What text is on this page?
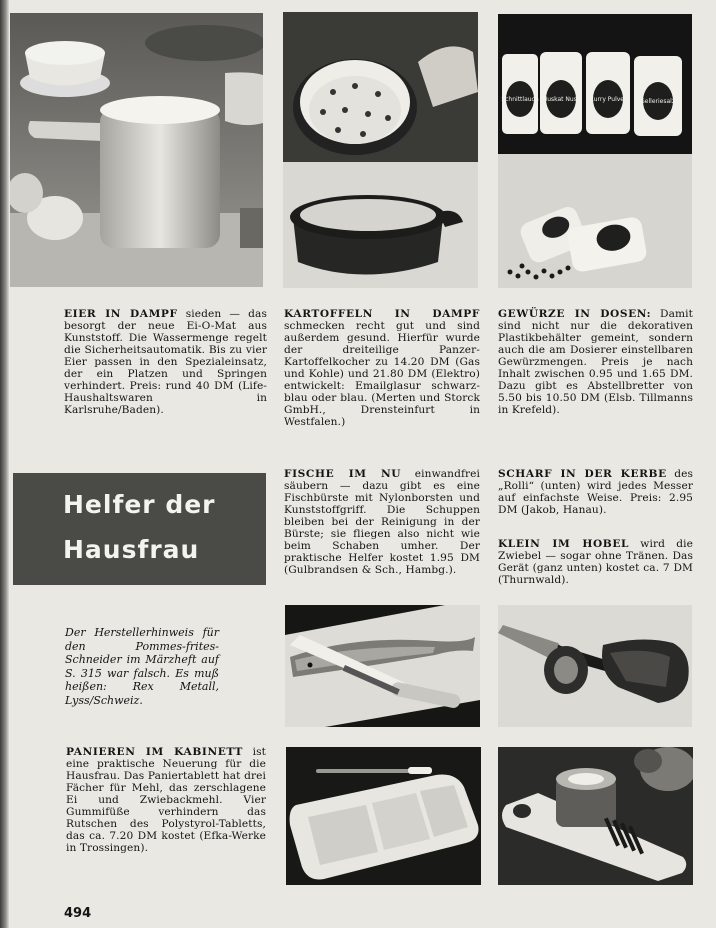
Schnittlauch Muskat Nuss Curry Pulver Selleriesalz

EIER IN DAMPF sieden — das besorgt der neue Ei-O-Mat aus Kunststoff. Die Wassermenge regelt die Sicherheitsautomatik. Bis zu vier Eier passen in den Spezialeinsatz, der ein Platzen und Springen verhindert. Preis: rund 40 DM (Life-Haushaltswaren in Karlsruhe/Baden).

KARTOFFELN IN DAMPF schmecken recht gut und sind außerdem gesund. Hierfür wurde der dreiteilige Panzer-Kartoffelkocher zu 14.20 DM (Gas und Kohle) und 21.80 DM (Elektro) entwickelt: Emailglasur schwarz-blau oder blau. (Merten und Storck GmbH., Drensteinfurt in Westfalen.)

GEWÜRZE IN DOSEN: Damit sind nicht nur die dekorativen Plastikbehälter gemeint, sondern auch die am Dosierer einstellbaren Gewürzmengen. Preis je nach Inhalt zwischen 0.95 und 1.65 DM. Dazu gibt es Abstellbretter von 5.50 bis 10.50 DM (Elsb. Tillmanns in Krefeld).

Helfer der
Hausfrau

FISCHE IM NU einwandfrei säubern — dazu gibt es eine Fischbürste mit Nylonborsten und Kunststoffgriff. Die Schuppen bleiben bei der Reinigung in der Bürste; sie fliegen also nicht wie beim Schaben umher. Der praktische Helfer kostet 1.95 DM (Gulbrandsen & Sch., Hambg.).

SCHARF IN DER KERBE des „Rolli“ (unten) wird jedes Messer auf einfachste Weise. Preis: 2.95 DM (Jakob, Hanau).

KLEIN IM HOBEL wird die Zwiebel — sogar ohne Tränen. Das Gerät (ganz unten) kostet ca. 7 DM (Thurnwald).

Der Herstellerhinweis für den Pommes-frites-Schneider im Märzheft auf S. 315 war falsch. Es muß heißen: Rex Metall, Lyss/Schweiz.

PANIEREN IM KABINETT ist eine praktische Neuerung für die Hausfrau. Das Paniertablett hat drei Fächer für Mehl, das zerschlagene Ei und Zwiebackmehl. Vier Gummifüße verhindern das Rutschen des Polystyrol-Tabletts, das ca. 7.20 DM kostet (Efka-Werke in Trossingen).

494
